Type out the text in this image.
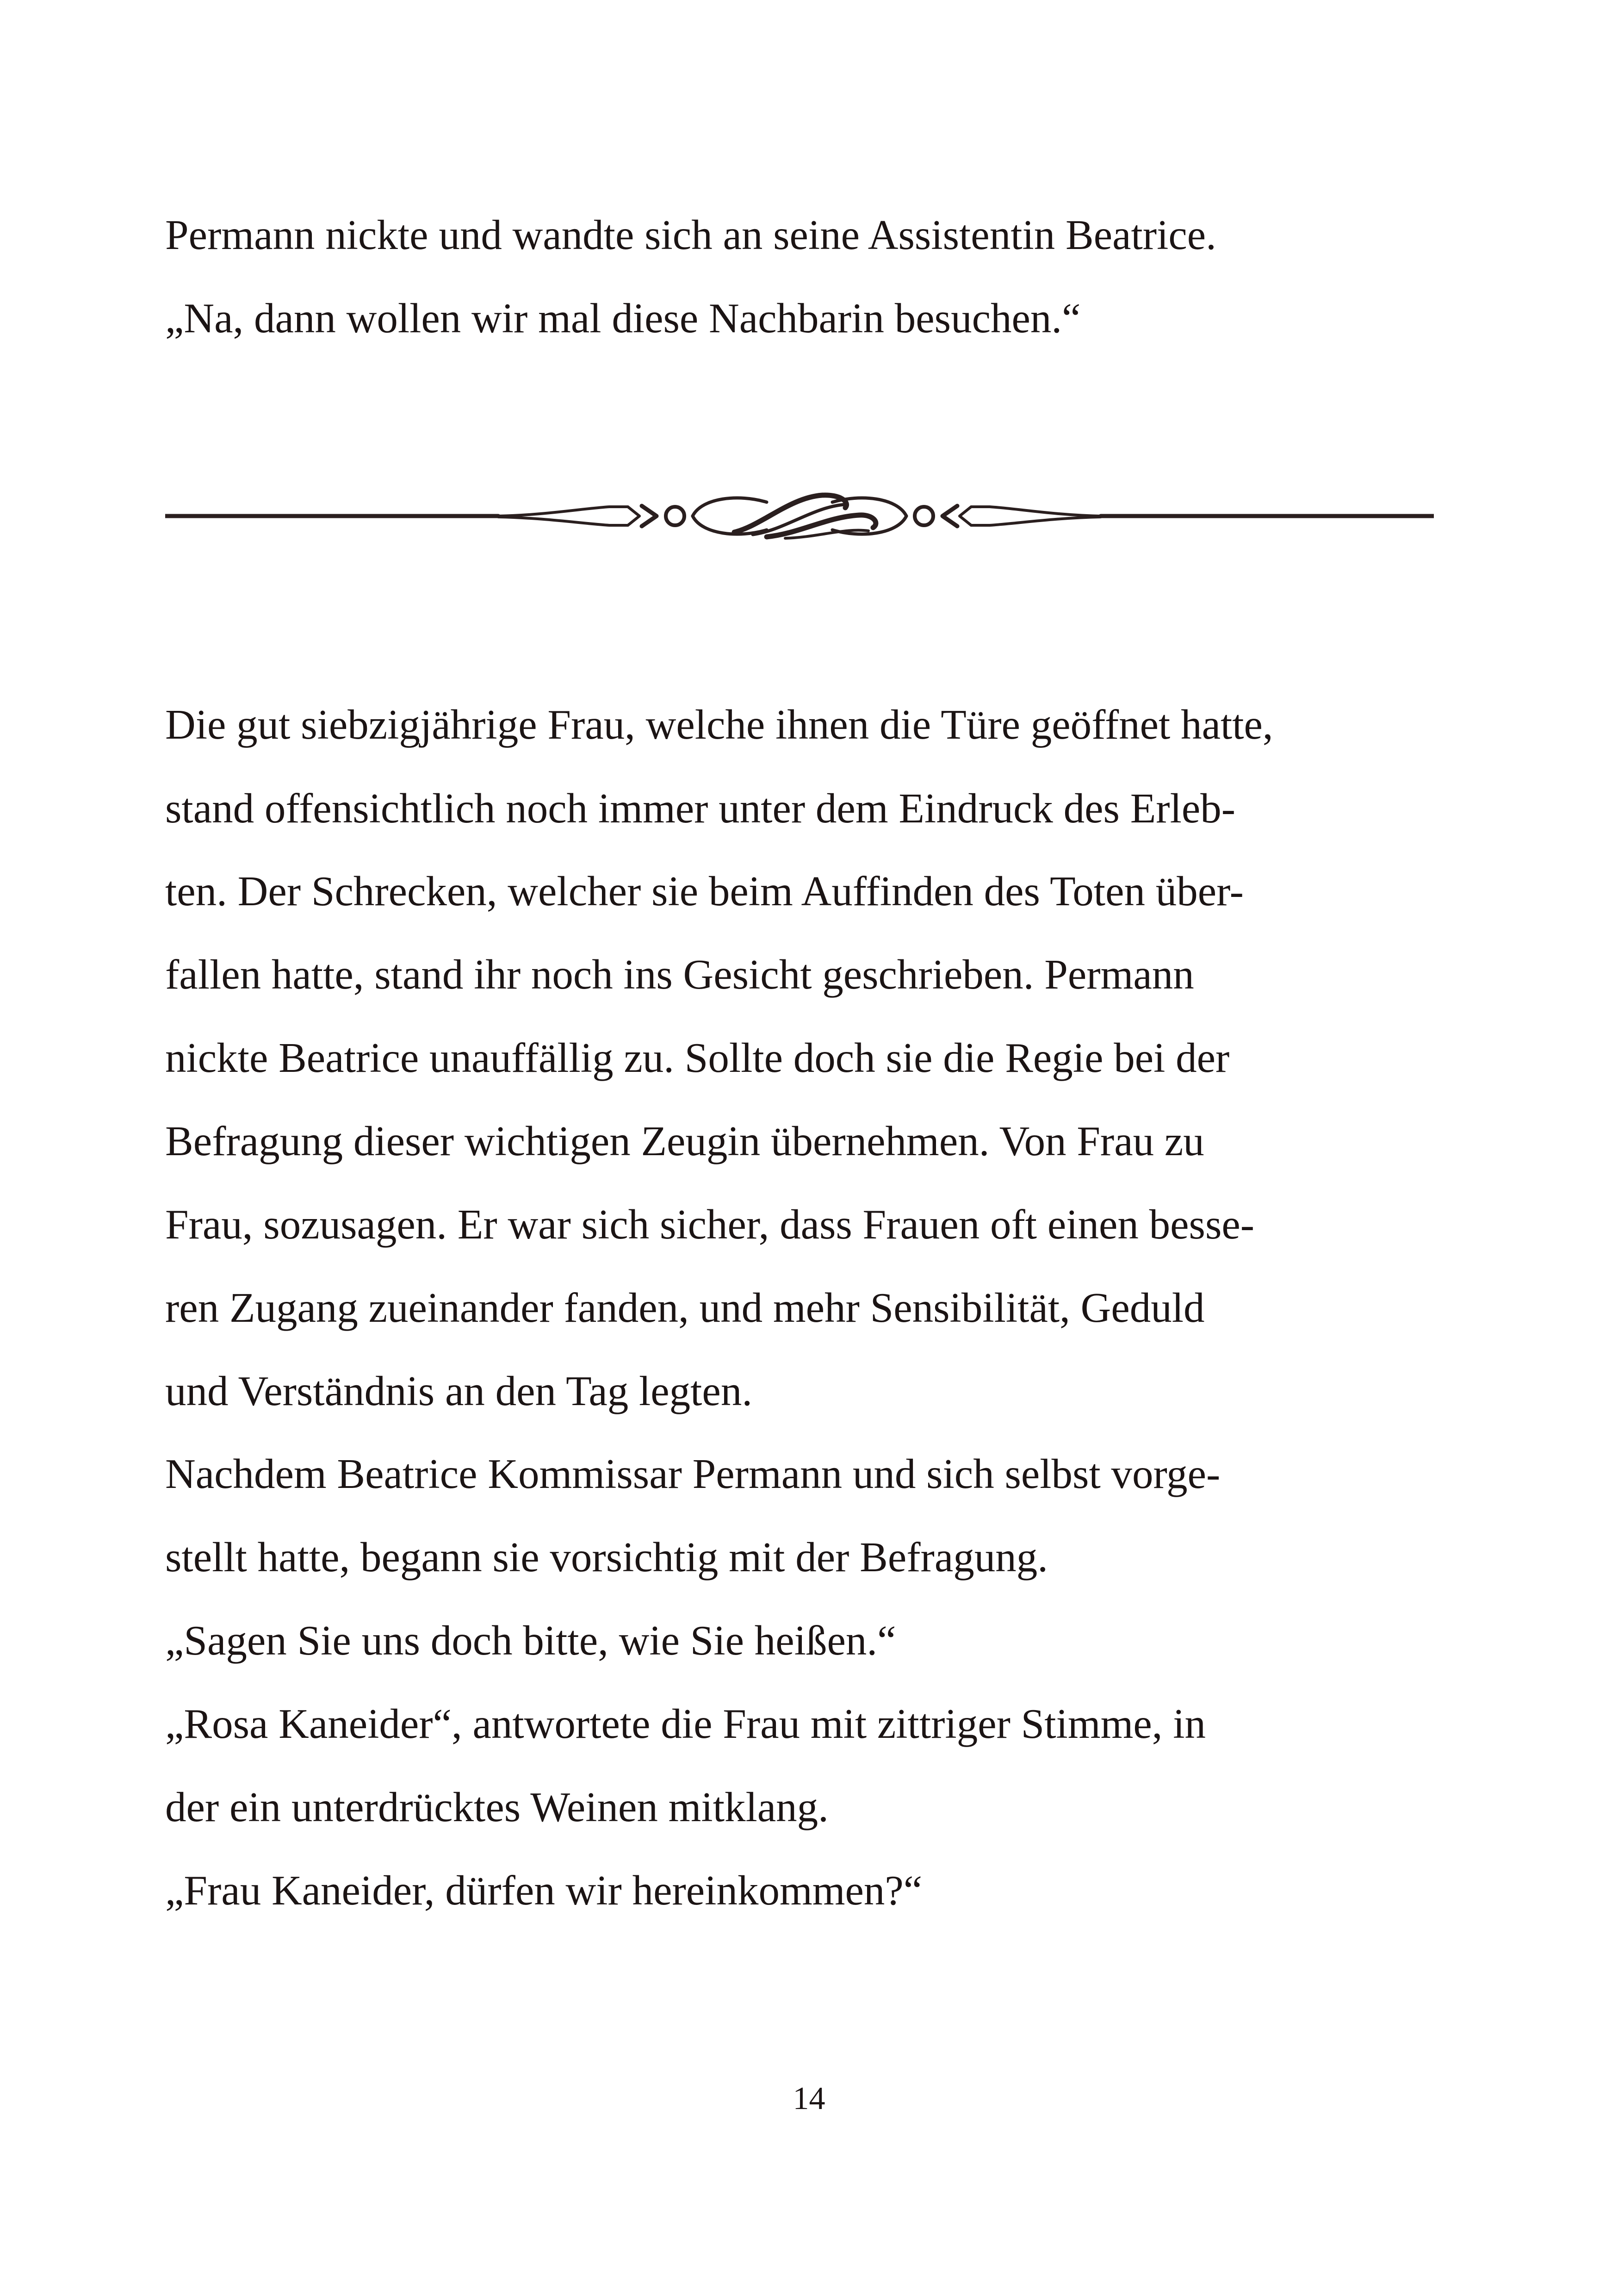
Permann nickte und wandte sich an seine Assistentin Beatrice.

„Na, dann wollen wir mal diese Nachbarin besuchen.“

Die gut siebzigjährige Frau, welche ihnen die Türe geöffnet hatte,

stand offensichtlich noch immer unter dem Eindruck des Erleb-

ten. Der Schrecken, welcher sie beim Auffinden des Toten über-

fallen hatte, stand ihr noch ins Gesicht geschrieben. Permann

nickte Beatrice unauffällig zu. Sollte doch sie die Regie bei der

Befragung dieser wichtigen Zeugin übernehmen. Von Frau zu

Frau, sozusagen. Er war sich sicher, dass Frauen oft einen besse-

ren Zugang zueinander fanden, und mehr Sensibilität, Geduld

und Verständnis an den Tag legten.

Nachdem Beatrice Kommissar Permann und sich selbst vorge-

stellt hatte, begann sie vorsichtig mit der Befragung.

„Sagen Sie uns doch bitte, wie Sie heißen.“

„Rosa Kaneider“, antwortete die Frau mit zittriger Stimme, in

der ein unterdrücktes Weinen mitklang.

„Frau Kaneider, dürfen wir hereinkommen?“

14
